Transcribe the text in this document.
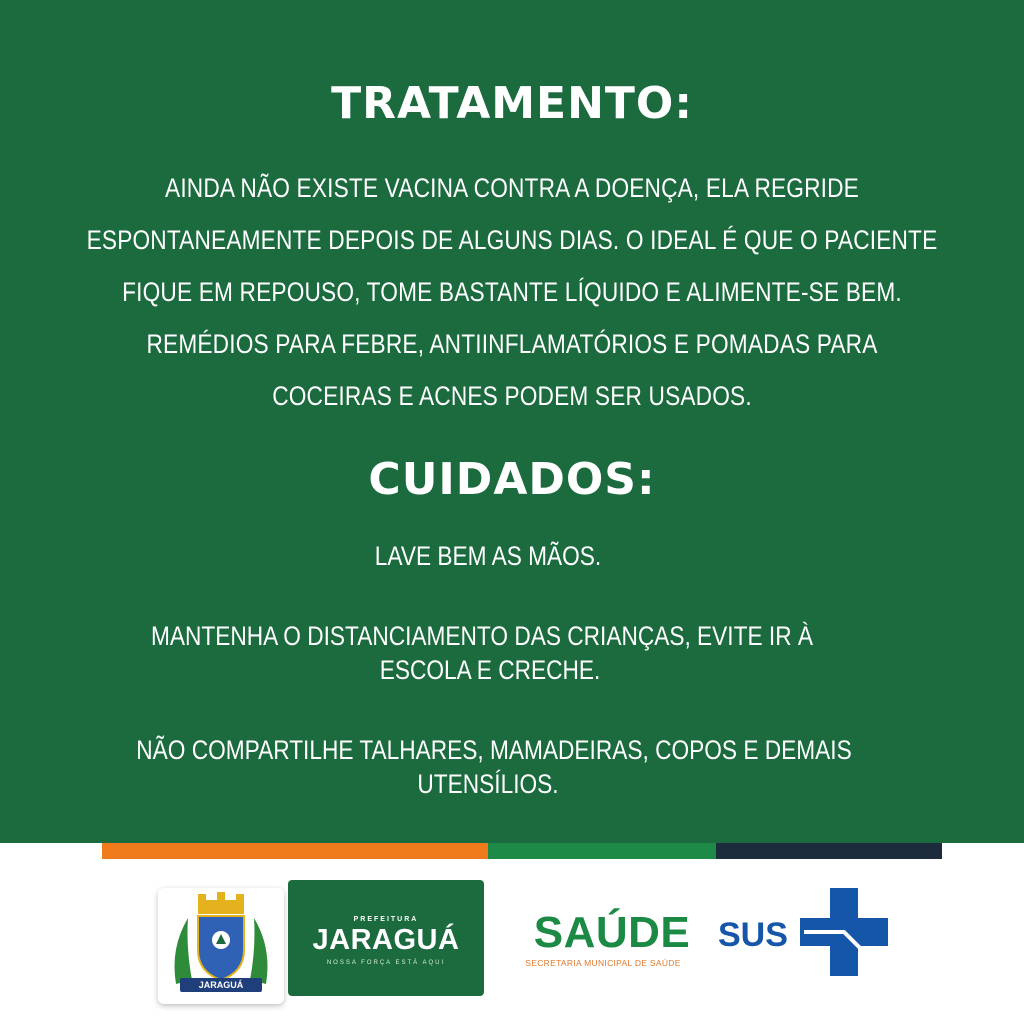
TRATAMENTO:
AINDA NÃO EXISTE VACINA CONTRA A DOENÇA, ELA REGRIDE
ESPONTANEAMENTE DEPOIS DE ALGUNS DIAS. O IDEAL É QUE O PACIENTE
FIQUE EM REPOUSO, TOME BASTANTE LÍQUIDO E ALIMENTE-SE BEM.
REMÉDIOS PARA FEBRE, ANTIINFLAMATÓRIOS E POMADAS PARA
COCEIRAS E ACNES PODEM SER USADOS.
CUIDADOS:
LAVE BEM AS MÃOS.
MANTENHA O DISTANCIAMENTO DAS CRIANÇAS, EVITE IR À
ESCOLA E CRECHE.
NÃO COMPARTILHE TALHARES, MAMADEIRAS, COPOS E DEMAIS
UTENSÍLIOS.
JARAGUÁ
PREFEITURA
JARAGUÁ
NOSSA FORÇA ESTÁ AQUI
SAÚDE
SECRETARIA MUNICIPAL DE SAÚDE
SUS
